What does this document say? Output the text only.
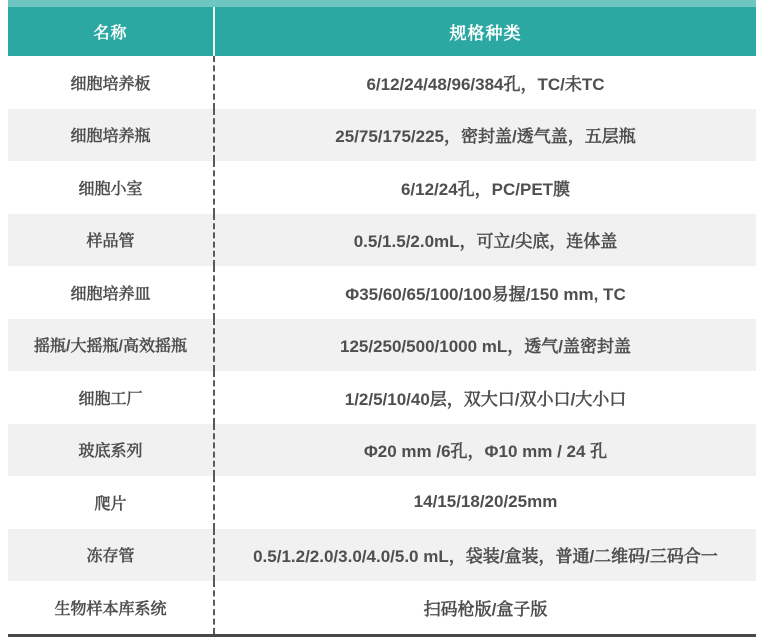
名称	规格种类
细胞培养板	6/12/24/48/96/384孔，TC/未TC
细胞培养瓶	25/75/175/225，密封盖/透气盖，五层瓶
细胞小室	6/12/24孔，PC/PET膜
样品管	0.5/1.5/2.0mL，可立/尖底，连体盖
细胞培养皿	Φ35/60/65/100/100易握/150 mm, TC
摇瓶/大摇瓶/高效摇瓶	125/250/500/1000 mL，透气/盖密封盖
细胞工厂	1/2/5/10/40层，双大口/双小口/大小口
玻底系列	Φ20 mm /6孔，Φ10 mm / 24 孔
爬片	14/15/18/20/25mm
冻存管	0.5/1.2/2.0/3.0/4.0/5.0 mL，袋装/盒装，普通/二维码/三码合一
生物样本库系统	扫码枪版/盒子版
